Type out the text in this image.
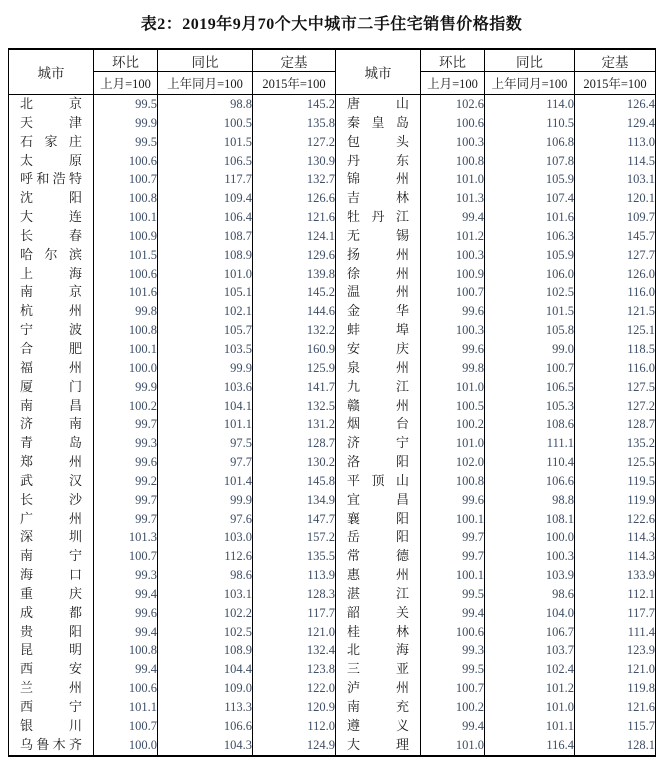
表2：2019年9月70个大中城市二手住宅销售价格指数
城市	环比	同比	定基	城市	环比	同比	定基
	上月=100	上年同月=100	2015年=100		上月=100	上年同月=100	2015年=100

北京	99.5	98.8	145.2	唐山	102.6	114.0	126.4

天津	99.9	100.5	135.8	秦皇岛	100.6	110.5	129.4

石家庄	99.5	101.5	127.2	包头	100.3	106.8	113.0

太原	100.6	106.5	130.9	丹东	100.8	107.8	114.5

呼和浩特	100.7	117.7	132.7	锦州	101.0	105.9	103.1

沈阳	100.8	109.4	126.6	吉林	101.3	107.4	120.1

大连	100.1	106.4	121.6	牡丹江	99.4	101.6	109.7

长春	100.9	108.7	124.1	无锡	101.2	106.3	145.7

哈尔滨	101.5	108.9	129.6	扬州	100.3	105.9	127.7

上海	100.6	101.0	139.8	徐州	100.9	106.0	126.0

南京	101.6	105.1	145.2	温州	100.7	102.5	116.0

杭州	99.8	102.1	144.6	金华	99.6	101.5	121.5

宁波	100.8	105.7	132.2	蚌埠	100.3	105.8	125.1

合肥	100.1	103.5	160.9	安庆	99.6	99.0	118.5

福州	100.0	99.9	125.9	泉州	99.8	100.7	116.0

厦门	99.9	103.6	141.7	九江	101.0	106.5	127.5

南昌	100.2	104.1	132.5	赣州	100.5	105.3	127.2

济南	99.7	101.1	131.2	烟台	100.2	108.6	128.7

青岛	99.3	97.5	128.7	济宁	101.0	111.1	135.2

郑州	99.6	97.7	130.2	洛阳	102.0	110.4	125.5

武汉	99.2	101.4	145.8	平顶山	100.8	106.6	119.5

长沙	99.7	99.9	134.9	宜昌	99.6	98.8	119.9

广州	99.7	97.6	147.7	襄阳	100.1	108.1	122.6

深圳	101.3	103.0	157.2	岳阳	99.7	100.0	114.3

南宁	100.7	112.6	135.5	常德	99.7	100.3	114.3

海口	99.3	98.6	113.9	惠州	100.1	103.9	133.9

重庆	99.4	103.1	128.3	湛江	99.5	98.6	112.1

成都	99.6	102.2	117.7	韶关	99.4	104.0	117.7

贵阳	99.4	102.5	121.0	桂林	100.6	106.7	111.4

昆明	100.8	108.9	132.4	北海	99.3	103.7	123.9

西安	99.4	104.4	123.8	三亚	99.5	102.4	121.0

兰州	100.6	109.0	122.0	泸州	100.7	101.2	119.8

西宁	101.1	113.3	120.9	南充	100.2	101.0	121.6

银川	100.7	106.6	112.0	遵义	99.4	101.1	115.7

乌鲁木齐	100.0	104.3	124.9	大理	101.0	116.4	128.1
